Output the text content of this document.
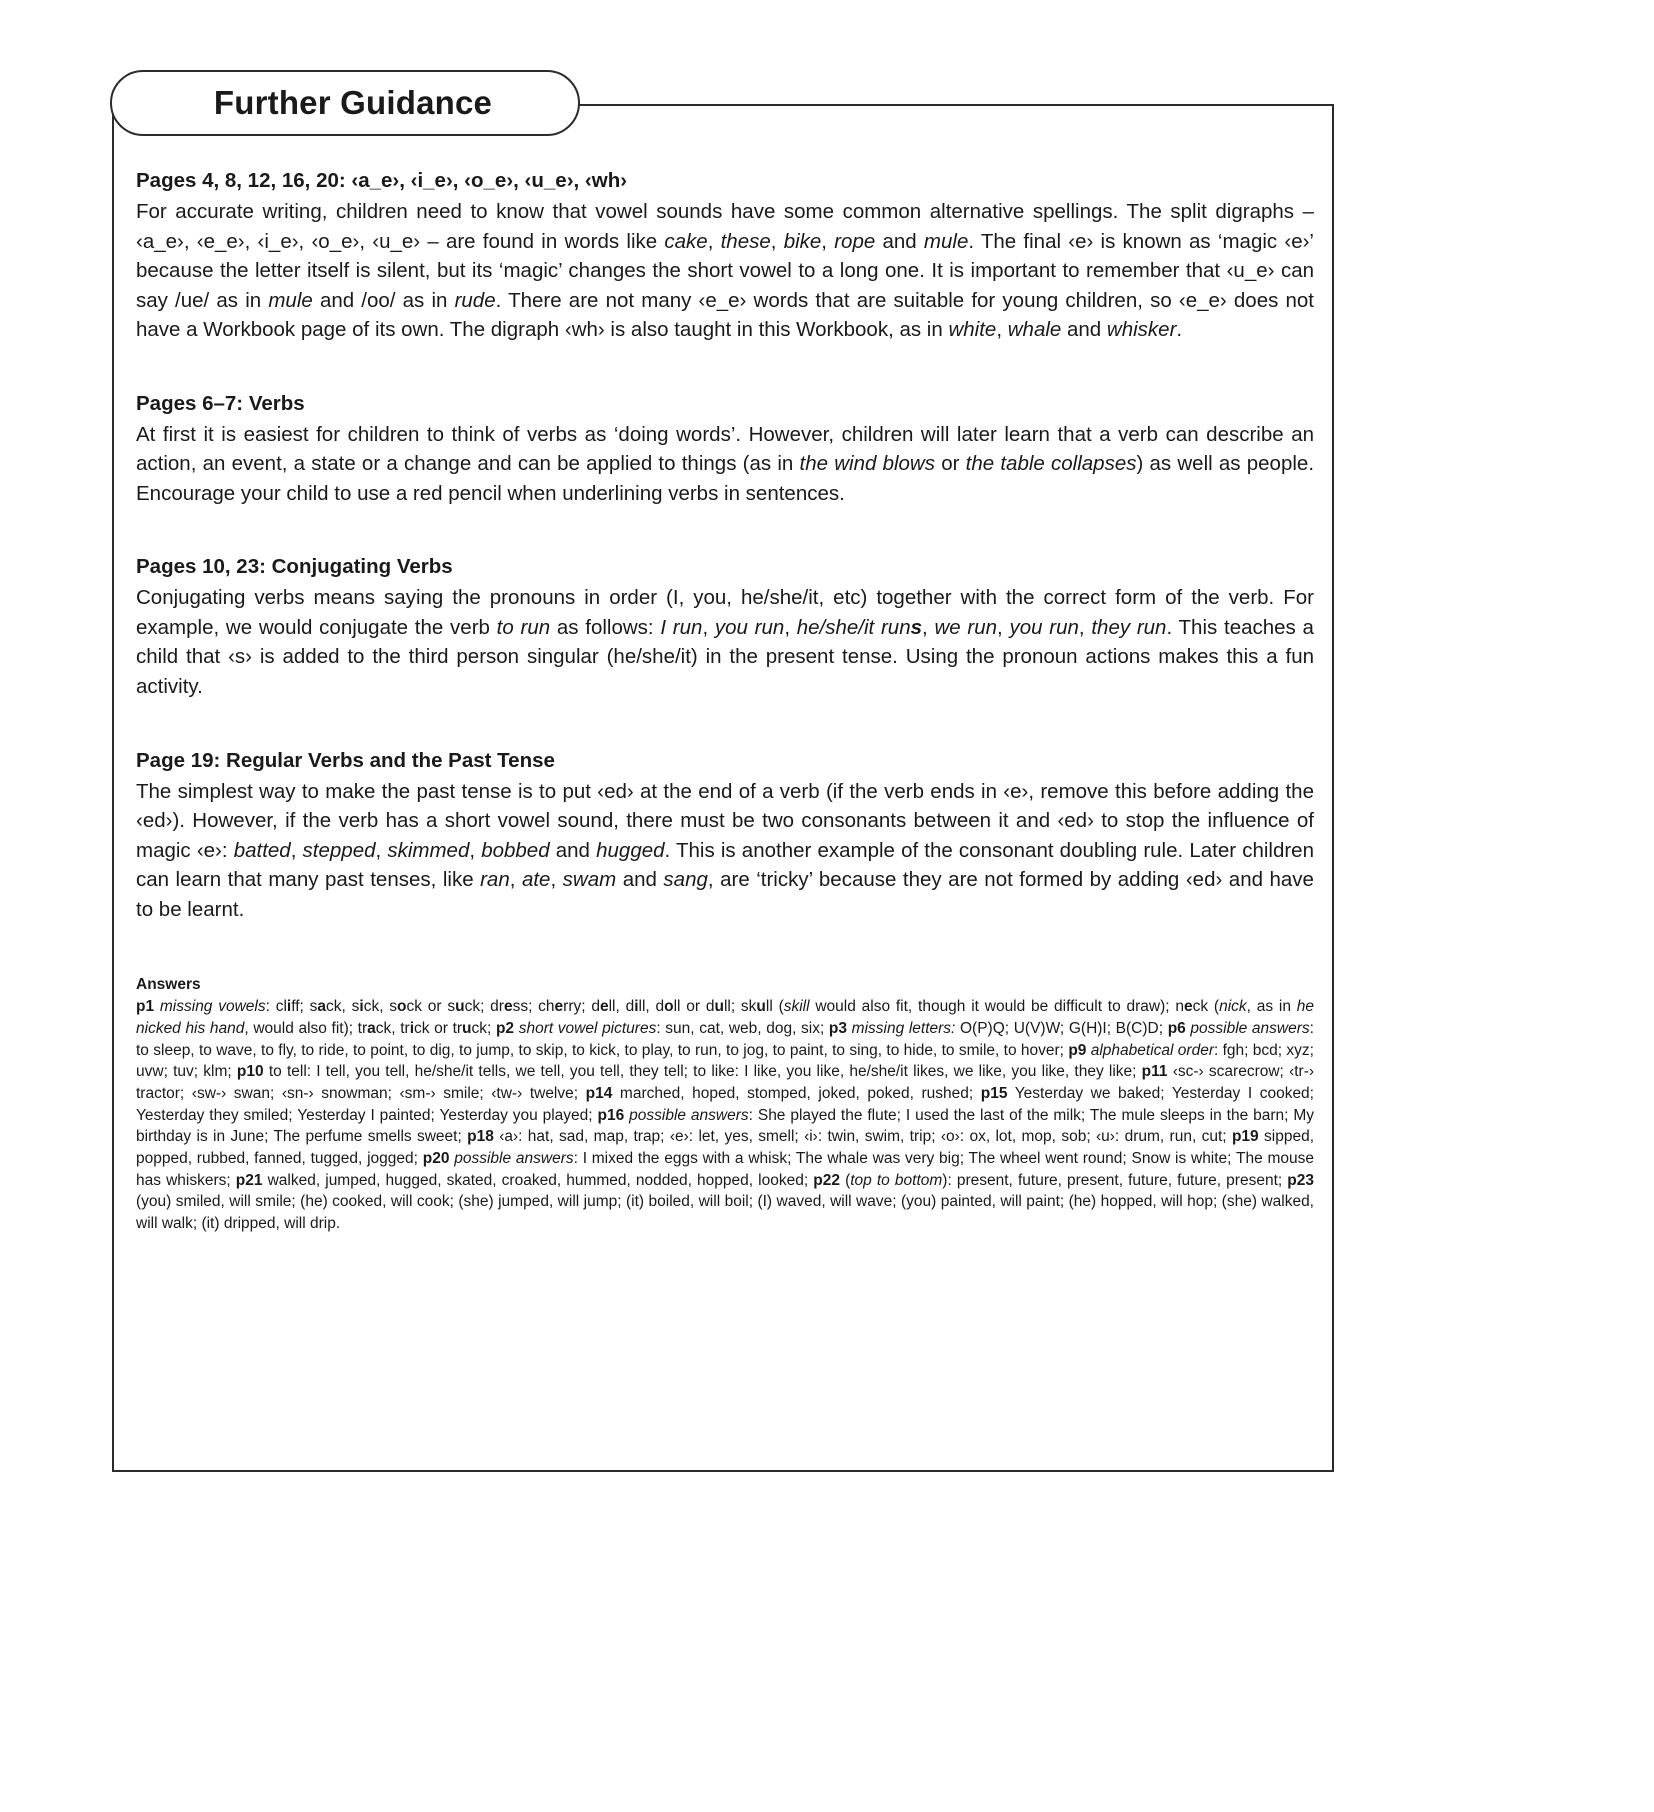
Pages 4, 8, 12, 16, 20: ‹a_e›, ‹i_e›, ‹o_e›, ‹u_e›, ‹wh›
For accurate writing, children need to know that vowel sounds have some common alternative spellings. The split digraphs – ‹a_e›, ‹e_e›, ‹i_e›, ‹o_e›, ‹u_e› – are found in words like cake, these, bike, rope and mule. The final ‹e› is known as ‘magic ‹e›’ because the letter itself is silent, but its ‘magic’ changes the short vowel to a long one. It is important to remember that ‹u_e› can say /ue/ as in mule and /oo/ as in rude. There are not many ‹e_e› words that are suitable for young children, so ‹e_e› does not have a Workbook page of its own. The digraph ‹wh› is also taught in this Workbook, as in white, whale and whisker.
Pages 6–7: Verbs
At first it is easiest for children to think of verbs as ‘doing words’. However, children will later learn that a verb can describe an action, an event, a state or a change and can be applied to things (as in the wind blows or the table collapses) as well as people. Encourage your child to use a red pencil when underlining verbs in sentences.
Pages 10, 23: Conjugating Verbs
Conjugating verbs means saying the pronouns in order (I, you, he/she/it, etc) together with the correct form of the verb. For example, we would conjugate the verb to run as follows: I run, you run, he/she/it runs, we run, you run, they run. This teaches a child that ‹s› is added to the third person singular (he/she/it) in the present tense. Using the pronoun actions makes this a fun activity.
Page 19: Regular Verbs and the Past Tense
The simplest way to make the past tense is to put ‹ed› at the end of a verb (if the verb ends in ‹e›, remove this before adding the ‹ed›). However, if the verb has a short vowel sound, there must be two consonants between it and ‹ed› to stop the influence of magic ‹e›: batted, stepped, skimmed, bobbed and hugged. This is another example of the consonant doubling rule. Later children can learn that many past tenses, like ran, ate, swam and sang, are ‘tricky’ because they are not formed by adding ‹ed› and have to be learnt.
Answers
p1 missing vowels: cliff; sack, sick, sock or suck; dress; cherry; dell, dill, doll or dull; skull (skill would also fit, though it would be difficult to draw); neck (nick, as in he nicked his hand, would also fit); track, trick or truck; p2 short vowel pictures: sun, cat, web, dog, six; p3 missing letters: O(P)Q; U(V)W; G(H)I; B(C)D; p6 possible answers: to sleep, to wave, to fly, to ride, to point, to dig, to jump, to skip, to kick, to play, to run, to jog, to paint, to sing, to hide, to smile, to hover; p9 alphabetical order: fgh; bcd; xyz; uvw; tuv; klm; p10 to tell: I tell, you tell, he/she/it tells, we tell, you tell, they tell; to like: I like, you like, he/she/it likes, we like, you like, they like; p11 ‹sc-› scarecrow; ‹tr-› tractor; ‹sw-› swan; ‹sn-› snowman; ‹sm-› smile; ‹tw-› twelve; p14 marched, hoped, stomped, joked, poked, rushed; p15 Yesterday we baked; Yesterday I cooked; Yesterday they smiled; Yesterday I painted; Yesterday you played; p16 possible answers: She played the flute; I used the last of the milk; The mule sleeps in the barn; My birthday is in June; The perfume smells sweet; p18 ‹a›: hat, sad, map, trap; ‹e›: let, yes, smell; ‹i›: twin, swim, trip; ‹o›: ox, lot, mop, sob; ‹u›: drum, run, cut; p19 sipped, popped, rubbed, fanned, tugged, jogged; p20 possible answers: I mixed the eggs with a whisk; The whale was very big; The wheel went round; Snow is white; The mouse has whiskers; p21 walked, jumped, hugged, skated, croaked, hummed, nodded, hopped, looked; p22 (top to bottom): present, future, present, future, future, present; p23 (you) smiled, will smile; (he) cooked, will cook; (she) jumped, will jump; (it) boiled, will boil; (I) waved, will wave; (you) painted, will paint; (he) hopped, will hop; (she) walked, will walk; (it) dripped, will drip.
Further Guidance
